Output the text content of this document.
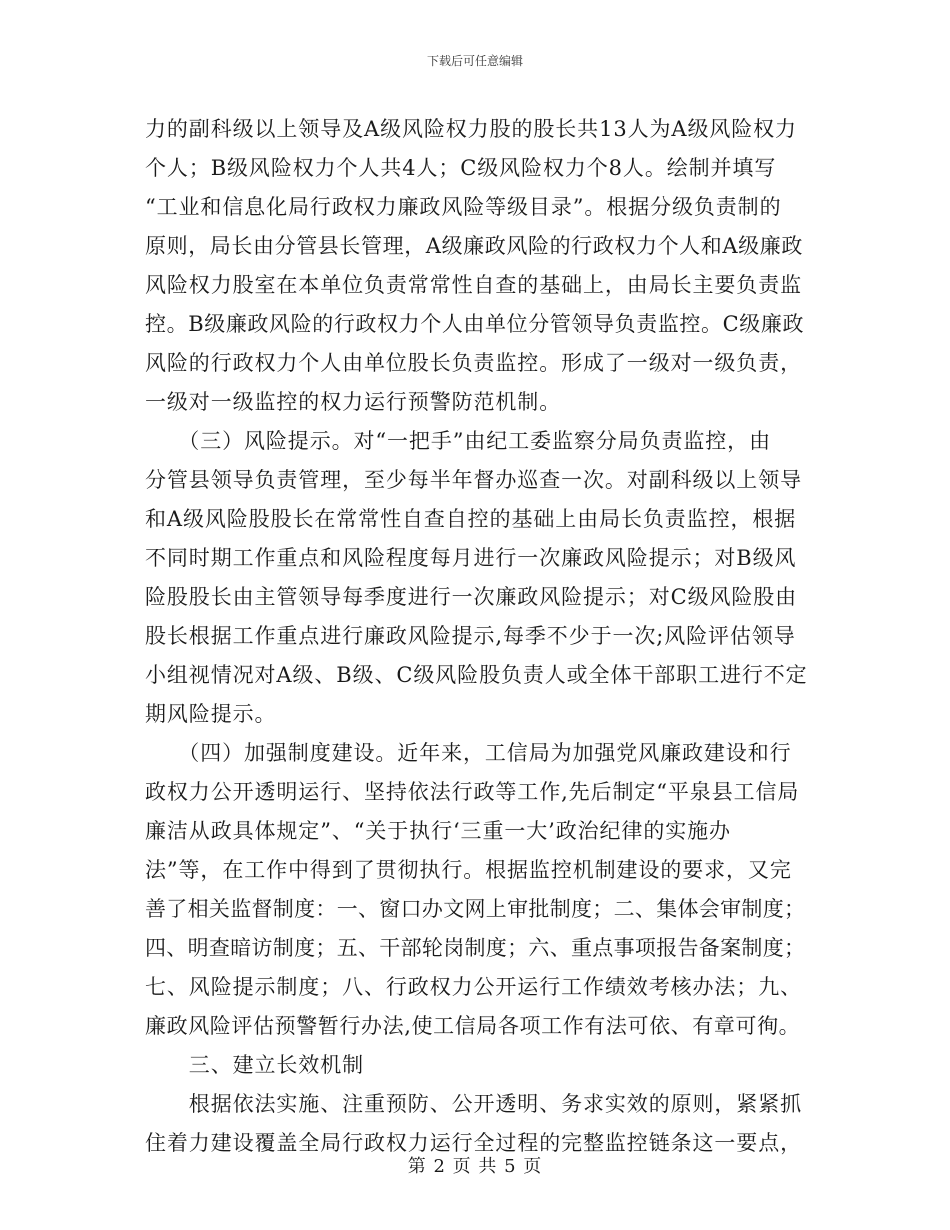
下载后可任意编辑
力的副科级以上领导及A级风险权力股的股长共13人为A级风险权力
个人；B级风险权力个人共4人；C级风险权力个8人。绘制并填写
“工业和信息化局行政权力廉政风险等级目录”。根据分级负责制的
原则，局长由分管县长管理，A级廉政风险的行政权力个人和A级廉政
风险权力股室在本单位负责常常性自查的基础上，由局长主要负责监
控。B级廉政风险的行政权力个人由单位分管领导负责监控。C级廉政
风险的行政权力个人由单位股长负责监控。形成了一级对一级负责，
一级对一级监控的权力运行预警防范机制。
　　（三）风险提示。对“一把手”由纪工委监察分局负责监控，由
分管县领导负责管理，至少每半年督办巡查一次。对副科级以上领导
和A级风险股股长在常常性自查自控的基础上由局长负责监控，根据
不同时期工作重点和风险程度每月进行一次廉政风险提示；对B级风
险股股长由主管领导每季度进行一次廉政风险提示；对C级风险股由
股长根据工作重点进行廉政风险提示,每季不少于一次;风险评估领导
小组视情况对A级、B级、C级风险股负责人或全体干部职工进行不定
期风险提示。
　　（四）加强制度建设。近年来，工信局为加强党风廉政建设和行
政权力公开透明运行、坚持依法行政等工作,先后制定“平泉县工信局
廉洁从政具体规定”、“关于执行‘三重一大’政治纪律的实施办
法”等，在工作中得到了贯彻执行。根据监控机制建设的要求，又完
善了相关监督制度：一、窗口办文网上审批制度；二、集体会审制度；
四、明查暗访制度；五、干部轮岗制度；六、重点事项报告备案制度；
七、风险提示制度；八、行政权力公开运行工作绩效考核办法；九、
廉政风险评估预警暂行办法,使工信局各项工作有法可依、有章可徇。
　　三、建立长效机制
　　根据依法实施、注重预防、公开透明、务求实效的原则，紧紧抓
住着力建设覆盖全局行政权力运行全过程的完整监控链条这一要点，
第 2 页 共 5 页
